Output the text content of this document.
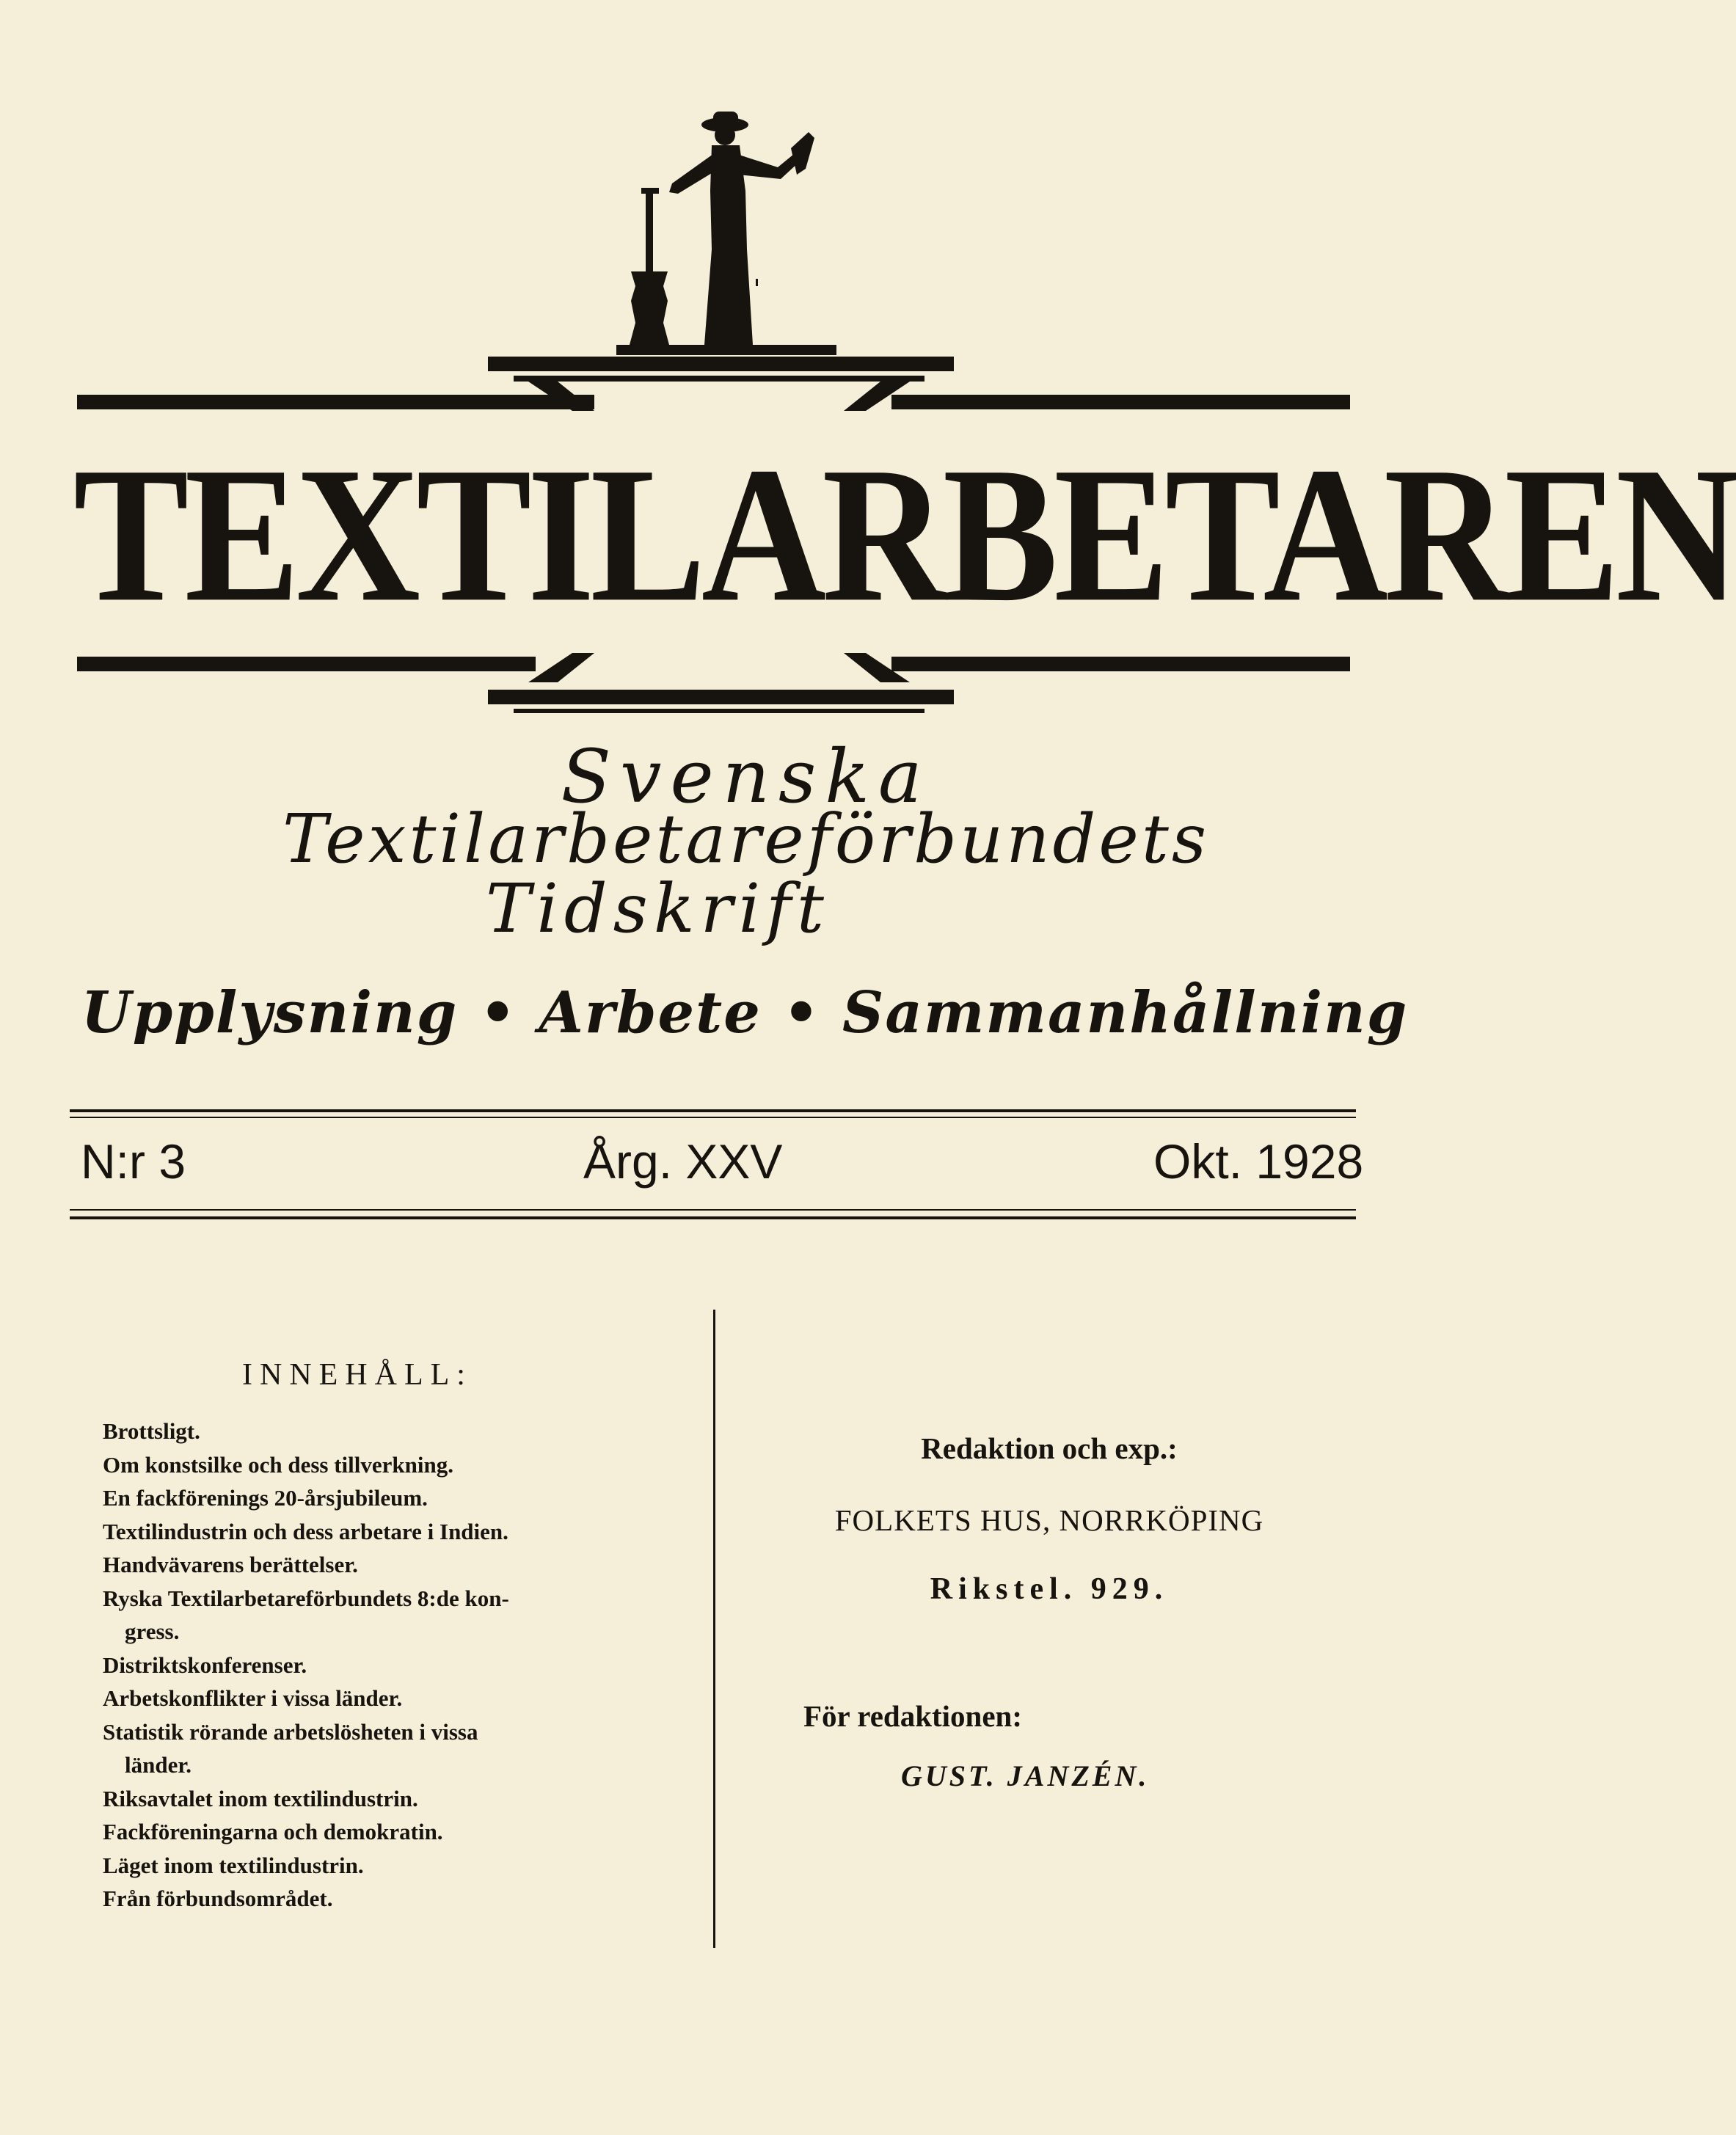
TEXTILARBETAREN
Svenska
Textilarbetareförbundets
Tidskrift
Upplysning • Arbete • Sammanhållning
N:r 3	Årg. XXV	Okt. 1928
INNEHÅLL:
Brottsligt.
Om konstsilke och dess tillverkning.
En fackförenings 20-årsjubileum.
Textilindustrin och dess arbetare i Indien.
Handvävarens berättelser.
Ryska Textilarbetareförbundets 8:de kon-
gress.
Distriktskonferenser.
Arbetskonflikter i vissa länder.
Statistik rörande arbetslösheten i vissa
länder.
Riksavtalet inom textilindustrin.
Fackföreningarna och demokratin.
Läget inom textilindustrin.
Från förbundsområdet.
Redaktion och exp.:
FOLKETS HUS, NORRKÖPING
Rikstel. 929.
För redaktionen:
GUST. JANZÉN.
